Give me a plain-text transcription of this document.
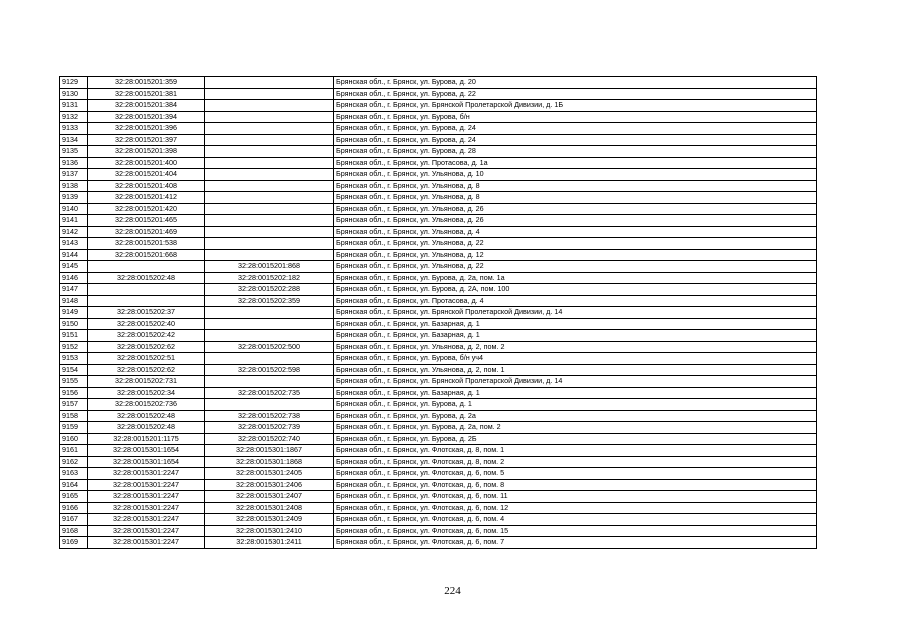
9129	32:28:0015201:359		Брянская обл., г. Брянск, ул. Бурова, д. 20
9130	32:28:0015201:381		Брянская обл., г. Брянск, ул. Бурова, д. 22
9131	32:28:0015201:384		Брянская обл., г. Брянск, ул. Брянской Пролетарской Дивизии, д. 1Б
9132	32:28:0015201:394		Брянская обл., г. Брянск, ул. Бурова, б/н
9133	32:28:0015201:396		Брянская обл., г. Брянск, ул. Бурова, д. 24
9134	32:28:0015201:397		Брянская обл., г. Брянск, ул. Бурова, д. 24
9135	32:28:0015201:398		Брянская обл., г. Брянск, ул. Бурова, д. 28
9136	32:28:0015201:400		Брянская обл., г. Брянск, ул. Протасова, д. 1а
9137	32:28:0015201:404		Брянская обл., г. Брянск, ул. Ульянова, д. 10
9138	32:28:0015201:408		Брянская обл., г. Брянск, ул. Ульянова, д. 8
9139	32:28:0015201:412		Брянская обл., г. Брянск, ул. Ульянова, д. 8
9140	32:28:0015201:420		Брянская обл., г. Брянск, ул. Ульянова, д. 26
9141	32:28:0015201:465		Брянская обл., г. Брянск, ул. Ульянова, д. 26
9142	32:28:0015201:469		Брянская обл., г. Брянск, ул. Ульянова, д. 4
9143	32:28:0015201:538		Брянская обл., г. Брянск, ул. Ульянова, д. 22
9144	32:28:0015201:668		Брянская обл., г. Брянск, ул. Ульянова, д. 12
9145		32:28:0015201:868	Брянская обл., г. Брянск, ул. Ульянова, д. 22
9146	32:28:0015202:48	32:28:0015202:182	Брянская обл., г. Брянск, ул. Бурова, д. 2а, пом. 1а
9147		32:28:0015202:288	Брянская обл., г. Брянск, ул. Бурова, д. 2А, пом. 100
9148		32:28:0015202:359	Брянская обл., г. Брянск, ул. Протасова, д. 4
9149	32:28:0015202:37		Брянская обл., г. Брянск, ул. Брянской Пролетарской Дивизии, д. 14
9150	32:28:0015202:40		Брянская обл., г. Брянск, ул. Базарная, д. 1
9151	32:28:0015202:42		Брянская обл., г. Брянск, ул. Базарная, д. 1
9152	32:28:0015202:62	32:28:0015202:500	Брянская обл., г. Брянск, ул. Ульянова, д. 2, пом. 2
9153	32:28:0015202:51		Брянская обл., г. Брянск, ул. Бурова, б/н уч4
9154	32:28:0015202:62	32:28:0015202:598	Брянская обл., г. Брянск, ул. Ульянова, д. 2, пом. 1
9155	32:28:0015202:731		Брянская обл., г. Брянск, ул. Брянской Пролетарской Дивизии, д. 14
9156	32:28:0015202:34	32:28:0015202:735	Брянская обл., г. Брянск, ул. Базарная, д. 1
9157	32:28:0015202:736		Брянская обл., г. Брянск, ул. Бурова, д. 1
9158	32:28:0015202:48	32:28:0015202:738	Брянская обл., г. Брянск, ул. Бурова, д. 2а
9159	32:28:0015202:48	32:28:0015202:739	Брянская обл., г. Брянск, ул. Бурова, д. 2а, пом. 2
9160	32:28:0015201:1175	32:28:0015202:740	Брянская обл., г. Брянск, ул. Бурова, д. 2Б
9161	32:28:0015301:1654	32:28:0015301:1867	Брянская обл., г. Брянск, ул. Флотская, д. 8, пом. 1
9162	32:28:0015301:1654	32:28:0015301:1868	Брянская обл., г. Брянск, ул. Флотская, д. 8, пом. 2
9163	32:28:0015301:2247	32:28:0015301:2405	Брянская обл., г. Брянск, ул. Флотская, д. 6, пом. 5
9164	32:28:0015301:2247	32:28:0015301:2406	Брянская обл., г. Брянск, ул. Флотская, д. 6, пом. 8
9165	32:28:0015301:2247	32:28:0015301:2407	Брянская обл., г. Брянск, ул. Флотская, д. 6, пом. 11
9166	32:28:0015301:2247	32:28:0015301:2408	Брянская обл., г. Брянск, ул. Флотская, д. 6, пом. 12
9167	32:28:0015301:2247	32:28:0015301:2409	Брянская обл., г. Брянск, ул. Флотская, д. 6, пом. 4
9168	32:28:0015301:2247	32:28:0015301:2410	Брянская обл., г. Брянск, ул. Флотская, д. 6, пом. 15
9169	32:28:0015301:2247	32:28:0015301:2411	Брянская обл., г. Брянск, ул. Флотская, д. 6, пом. 7
224
